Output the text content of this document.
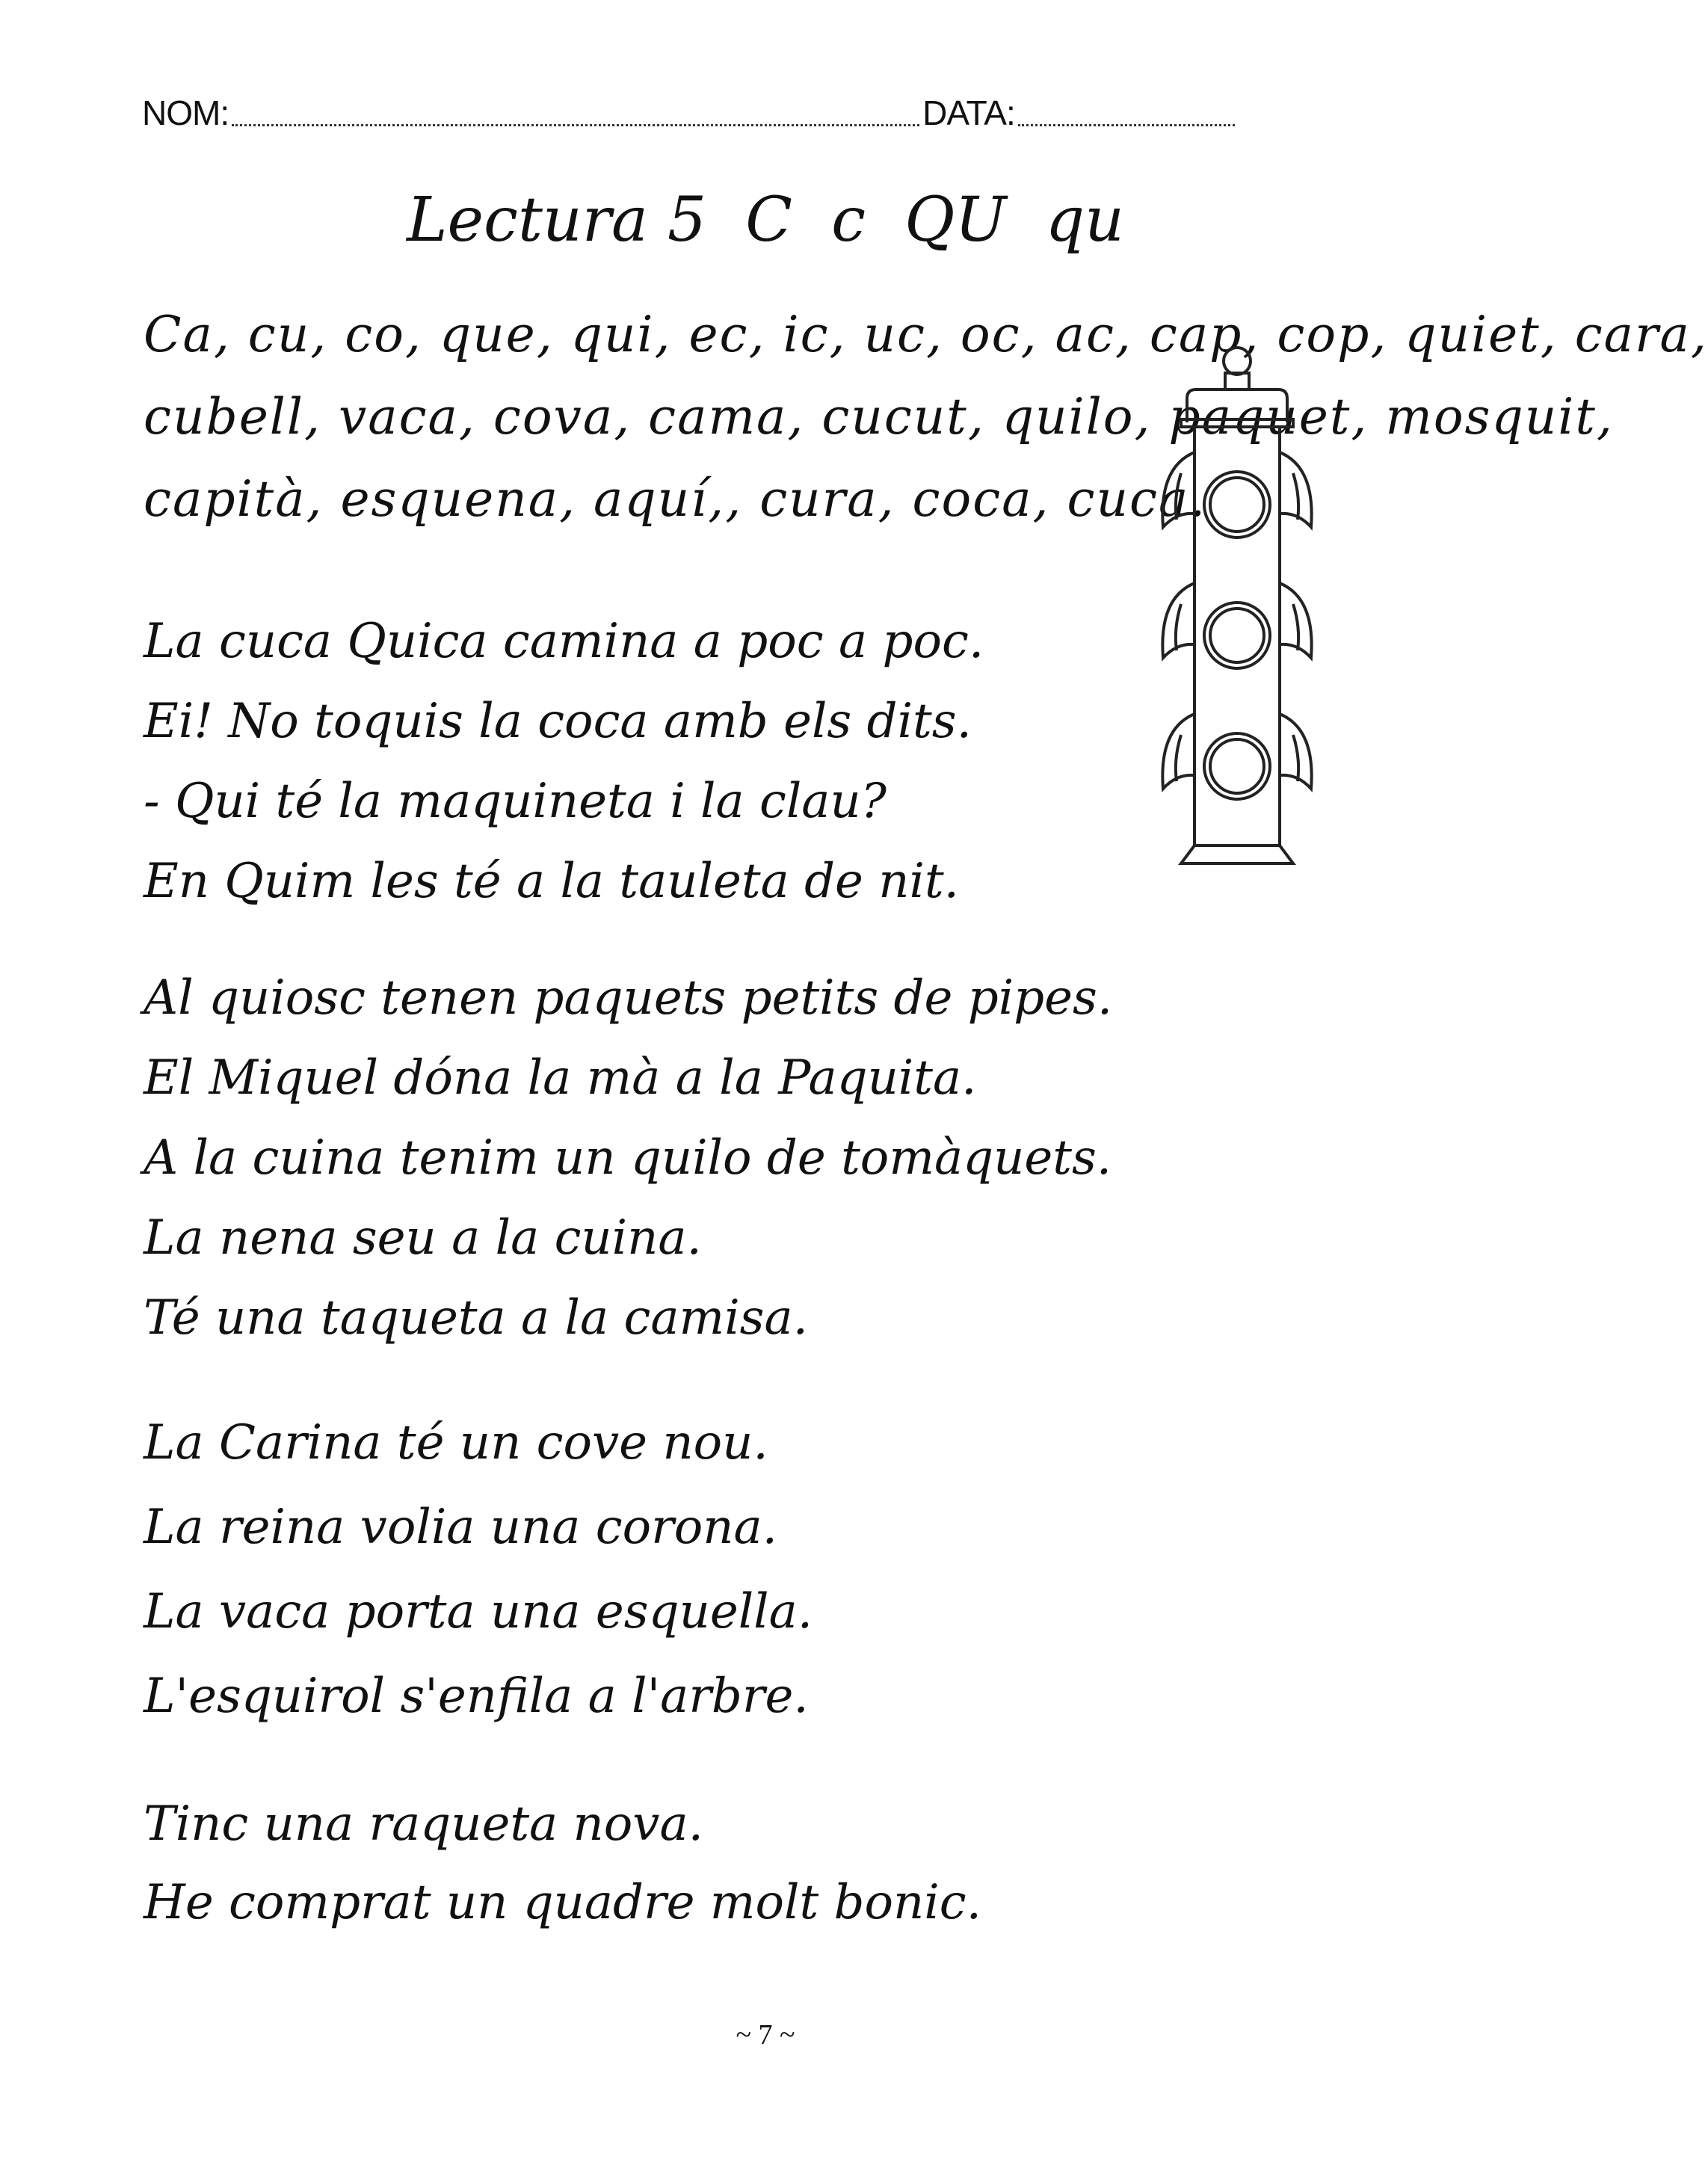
NOM:	DATA:
Lectura 5  C  c  QU  qu
Ca, cu, co, que, qui, ec, ic, uc, oc, ac, cap, cop, quiet, cara,
cubell, vaca, cova, cama, cucut, quilo, paquet, mosquit,
capità, esquena, aquí,, cura, coca, cuca.
La cuca Quica camina a poc a poc.
Ei! No toquis la coca amb els dits.
- Qui té la maquineta i la clau?
En Quim les té a la tauleta de nit.
Al quiosc tenen paquets petits de pipes.
El Miquel dóna la mà a la Paquita.
A la cuina tenim un quilo de tomàquets.
La nena seu a la cuina.
Té una taqueta a la camisa.
La Carina té un cove nou.
La reina volia una corona.
La vaca porta una esquella.
L'esquirol s'enfila a l'arbre.
Tinc una raqueta nova.
He comprat un quadre molt bonic.
~ 7 ~
